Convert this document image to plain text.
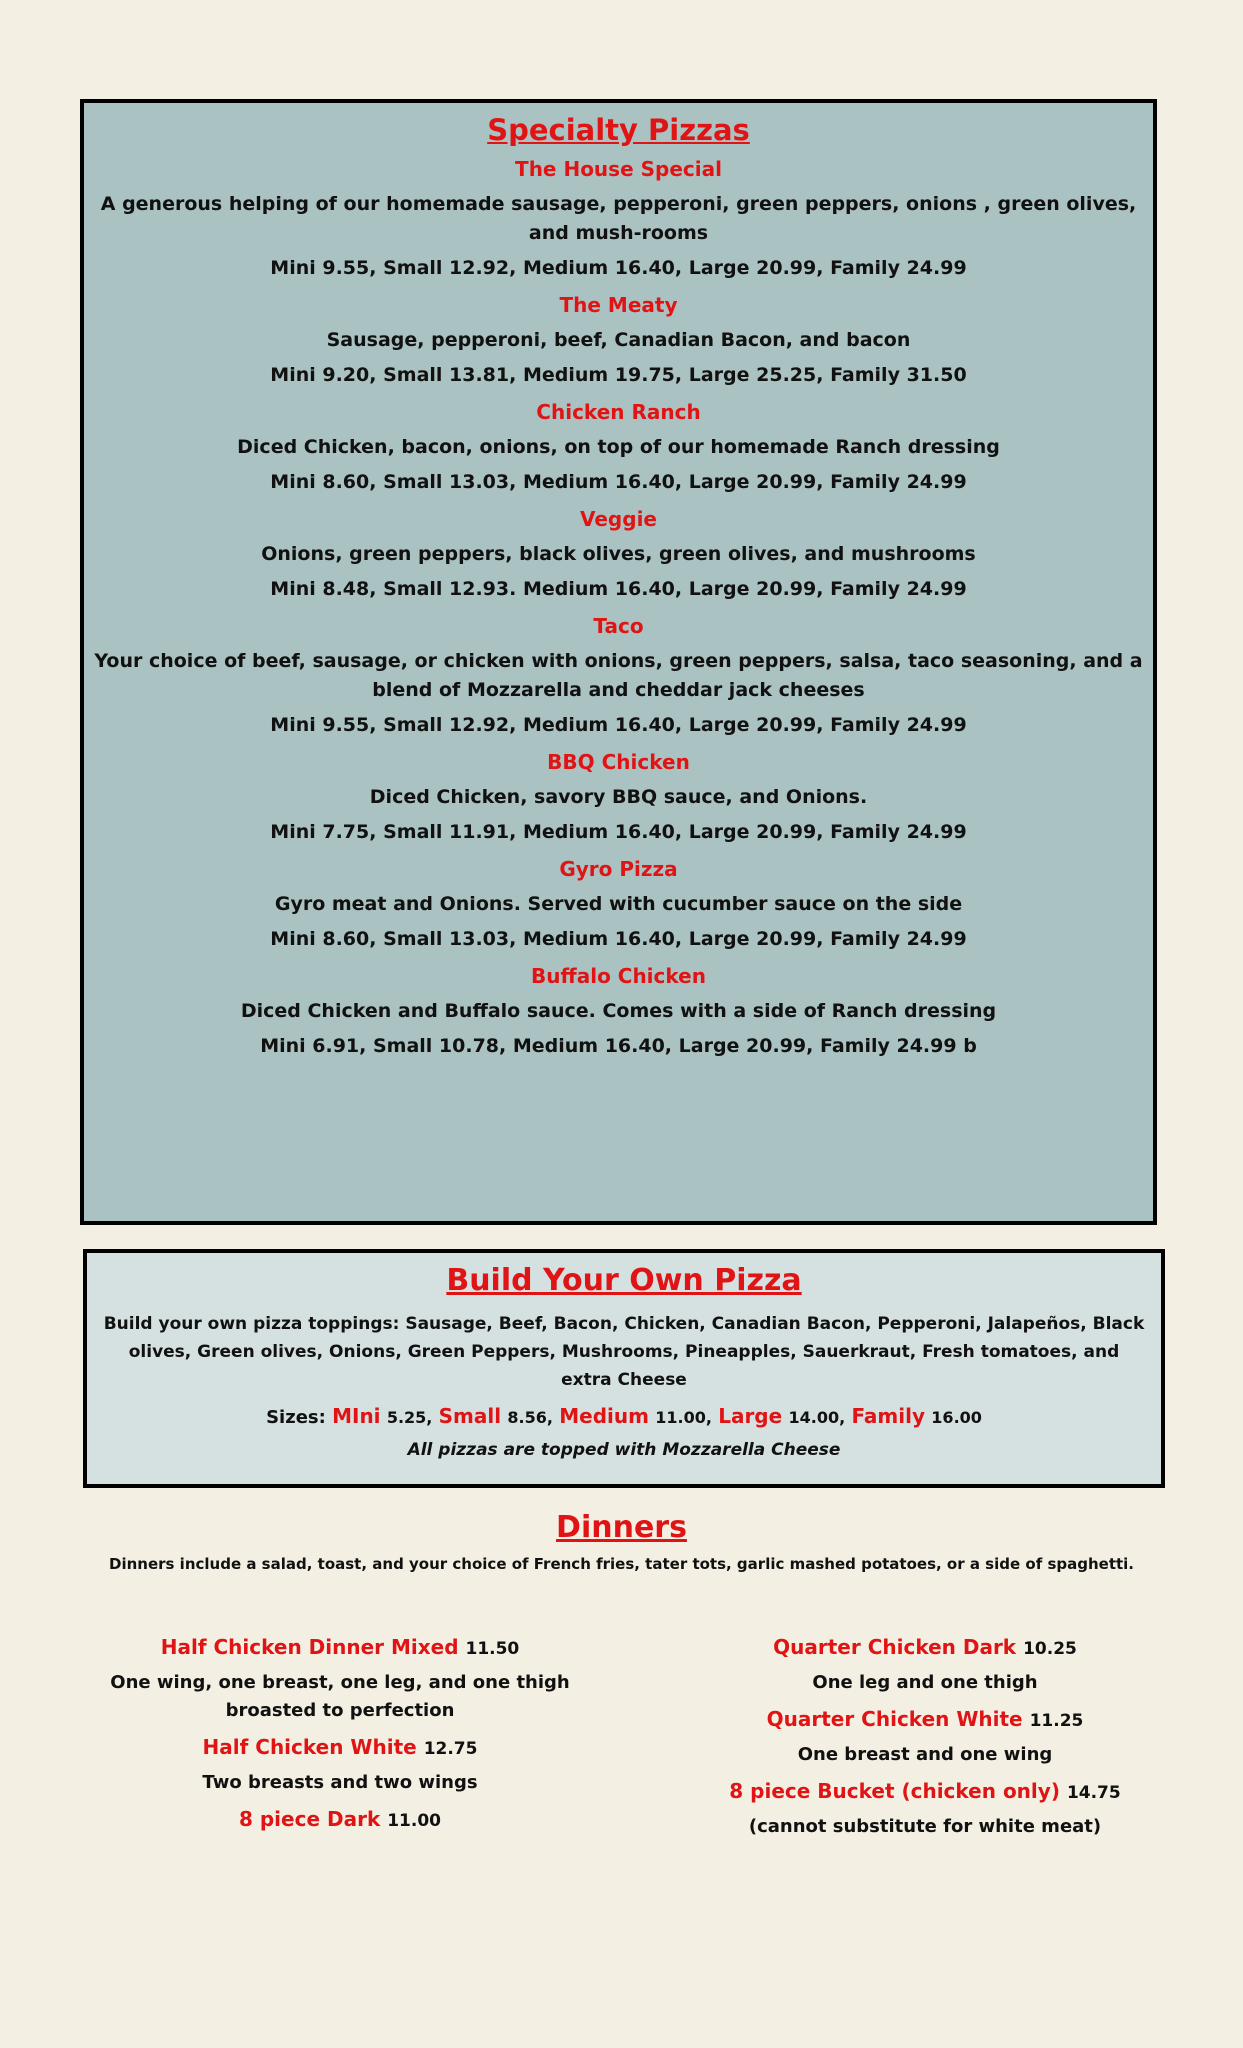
Specialty Pizzas
The House Special
A generous helping of our homemade sausage, pepperoni, green peppers, onions , green olives, and mush-rooms
Mini 9.55, Small 12.92, Medium 16.40, Large 20.99, Family 24.99
The Meaty
Sausage, pepperoni, beef, Canadian Bacon, and bacon
Mini 9.20, Small 13.81, Medium 19.75, Large 25.25, Family 31.50
Chicken Ranch
Diced Chicken, bacon, onions, on top of our homemade Ranch dressing
Mini 8.60, Small 13.03, Medium 16.40, Large 20.99, Family 24.99
Veggie
Onions, green peppers, black olives, green olives, and mushrooms
Mini 8.48, Small 12.93. Medium 16.40, Large 20.99, Family 24.99
Taco
Your choice of beef, sausage, or chicken with onions, green peppers, salsa, taco seasoning, and a blend of Mozzarella and cheddar jack cheeses
Mini 9.55, Small 12.92, Medium 16.40, Large 20.99, Family 24.99
BBQ Chicken
Diced Chicken, savory BBQ sauce, and Onions.
Mini 7.75, Small 11.91, Medium 16.40, Large 20.99, Family 24.99
Gyro Pizza
Gyro meat and Onions. Served with cucumber sauce on the side
Mini 8.60, Small 13.03, Medium 16.40, Large 20.99, Family 24.99
Buffalo Chicken
Diced Chicken and Buffalo sauce. Comes with a side of Ranch dressing
Mini 6.91, Small 10.78, Medium 16.40, Large 20.99, Family 24.99 b
Build Your Own Pizza
Build your own pizza toppings: Sausage, Beef, Bacon, Chicken, Canadian Bacon, Pepperoni, Jalapeños, Black olives, Green olives, Onions, Green Peppers, Mushrooms, Pineapples, Sauerkraut, Fresh tomatoes, and extra Cheese
Sizes: MIni 5.25, Small 8.56, Medium 11.00, Large 14.00, Family 16.00
All pizzas are topped with Mozzarella Cheese
Dinners
Dinners include a salad, toast, and your choice of French fries, tater tots, garlic mashed potatoes, or a side of spaghetti.
Half Chicken Dinner Mixed 11.50
One wing, one breast, one leg, and one thigh broasted to perfection
Half Chicken White 12.75
Two breasts and two wings
8 piece Dark 11.00
Quarter Chicken Dark 10.25
One leg and one thigh
Quarter Chicken White 11.25
One breast and one wing
8 piece Bucket (chicken only) 14.75
(cannot substitute for white meat)
